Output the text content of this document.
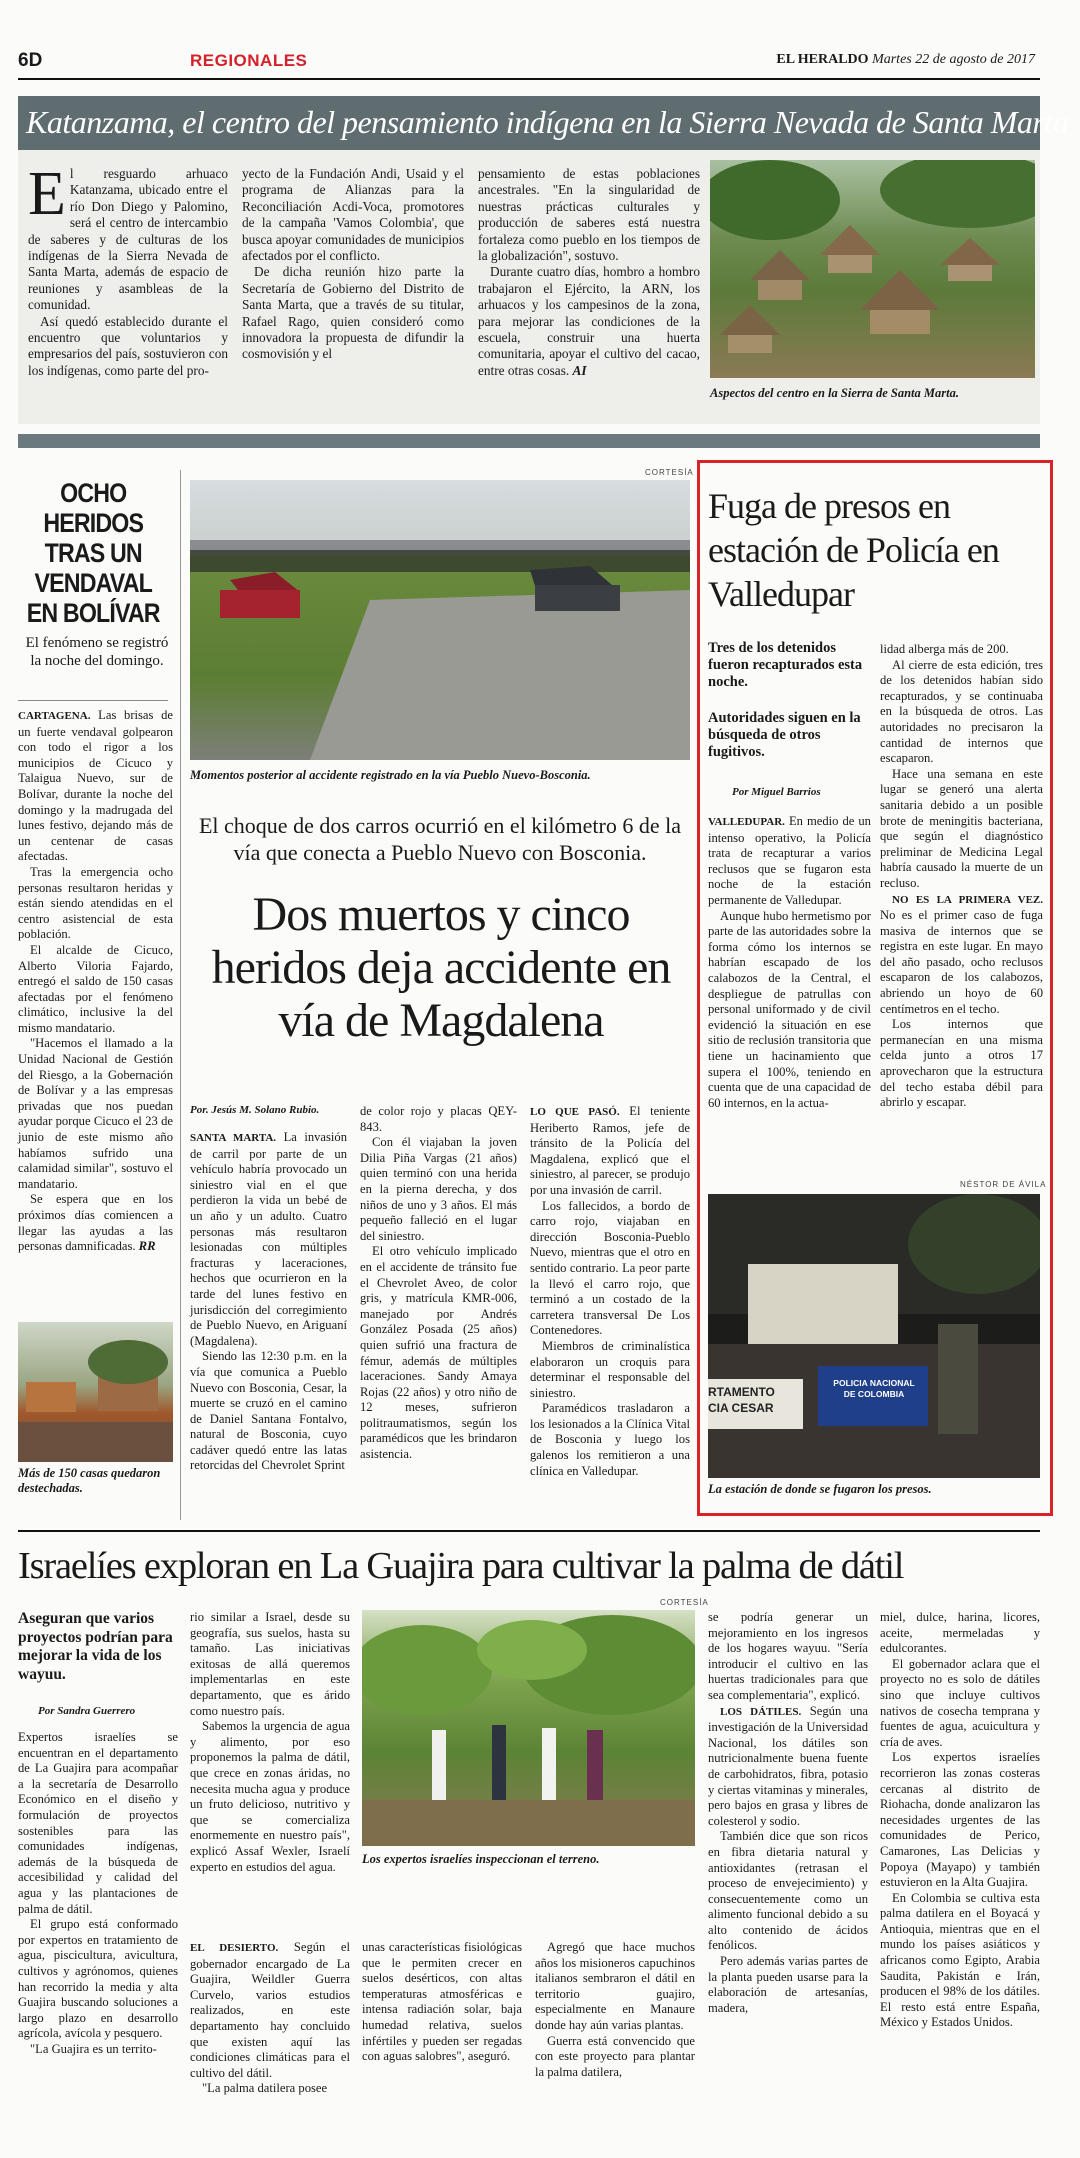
6D	REGIONALES	EL HERALDO Martes 22 de agosto de 2017
Katanzama, el centro del pensamiento indígena en la Sierra Nevada de Santa Marta
E l resguardo arhuaco Katanzama, ubicado entre el río Don Diego y Palomino, será el centro de intercambio de saberes y de culturas de los indígenas de la Sierra Nevada de Santa Marta, además de espacio de reuniones y asambleas de la comunidad.

Así quedó establecido durante el encuentro que voluntarios y empresarios del país, sostuvieron con los indígenas, como parte del pro-

yecto de la Fundación Andi, Usaid y el programa de Alianzas para la Reconciliación Acdi-Voca, promotores de la campaña 'Vamos Colombia', que busca apoyar comunidades de municipios afectados por el conflicto.

De dicha reunión hizo parte la Secretaría de Gobierno del Distrito de Santa Marta, que a través de su titular, Rafael Rago, quien consideró como innovadora la propuesta de difundir la cosmovisión y el

pensamiento de estas poblaciones ancestrales. "En la singularidad de nuestras prácticas culturales y producción de saberes está nuestra fortaleza como pueblo en los tiempos de la globalización", sostuvo.

Durante cuatro días, hombro a hombro trabajaron el Ejército, la ARN, los arhuacos y los campesinos de la zona, para mejorar las condiciones de la escuela, construir una huerta comunitaria, apoyar el cultivo del cacao, entre otras cosas. AI

Aspectos del centro en la Sierra de Santa Marta.
OCHO HERIDOS TRAS UN VENDAVAL EN BOLÍVAR
El fenómeno se registró la noche del domingo.

CARTAGENA. Las brisas de un fuerte vendaval golpearon con todo el rigor a los municipios de Cicuco y Talaigua Nuevo, sur de Bolívar, durante la noche del domingo y la madrugada del lunes festivo, dejando más de un centenar de casas afectadas.

Tras la emergencia ocho personas resultaron heridas y están siendo atendidas en el centro asistencial de esta población.

El alcalde de Cicuco, Alberto Viloria Fajardo, entregó el saldo de 150 casas afectadas por el fenómeno climático, inclusive la del mismo mandatario.

"Hacemos el llamado a la Unidad Nacional de Gestión del Riesgo, a la Gobernación de Bolívar y a las empresas privadas que nos puedan ayudar porque Cicuco el 23 de junio de este mismo año habíamos sufrido una calamidad similar", sostuvo el mandatario.

Se espera que en los próximos días comiencen a llegar las ayudas a las personas damnificadas. RR

Más de 150 casas quedaron destechadas.
CORTESÍA
Momentos posterior al accidente registrado en la vía Pueblo Nuevo-Bosconia.
El choque de dos carros ocurrió en el kilómetro 6 de la vía que conecta a Pueblo Nuevo con Bosconia.
Dos muertos y cinco heridos deja accidente en vía de Magdalena
Por. Jesús M. Solano Rubio.

SANTA MARTA. La invasión de carril por parte de un vehículo habría provocado un siniestro vial en el que perdieron la vida un bebé de un año y un adulto. Cuatro personas más resultaron lesionadas con múltiples fracturas y laceraciones, hechos que ocurrieron en la tarde del lunes festivo en jurisdicción del corregimiento de Pueblo Nuevo, en Ariguaní (Magdalena).

Siendo las 12:30 p.m. en la vía que comunica a Pueblo Nuevo con Bosconia, Cesar, la muerte se cruzó en el camino de Daniel Santana Fontalvo, natural de Bosconia, cuyo cadáver quedó entre las latas retorcidas del Chevrolet Sprint

de color rojo y placas QEY-843.

Con él viajaban la joven Dilia Piña Vargas (21 años) quien terminó con una herida en la pierna derecha, y dos niños de uno y 3 años. El más pequeño falleció en el lugar del siniestro.

El otro vehículo implicado en el accidente de tránsito fue el Chevrolet Aveo, de color gris, y matrícula KMR-006, manejado por Andrés González Posada (25 años) quien sufrió una fractura de fémur, además de múltiples laceraciones. Sandy Amaya Rojas (22 años) y otro niño de 12 meses, sufrieron politraumatismos, según los paramédicos que les brindaron asistencia.

LO QUE PASÓ. El teniente Heriberto Ramos, jefe de tránsito de la Policía del Magdalena, explicó que el siniestro, al parecer, se produjo por una invasión de carril.

Los fallecidos, a bordo de carro rojo, viajaban en dirección Bosconia-Pueblo Nuevo, mientras que el otro en sentido contrario. La peor parte la llevó el carro rojo, que terminó a un costado de la carretera transversal De Los Contenedores.

Miembros de criminalística elaboraron un croquis para determinar el responsable del siniestro.

Paramédicos trasladaron a los lesionados a la Clínica Vital de Bosconia y luego los galenos los remitieron a una clínica en Valledupar.

Fuga de presos en estación de Policía en Valledupar
Tres de los detenidos fueron recapturados esta noche.
Autoridades siguen en la búsqueda de otros fugitivos.
Por Miguel Barrios

VALLEDUPAR. En medio de un intenso operativo, la Policía trata de recapturar a varios reclusos que se fugaron esta noche de la estación permanente de Valledupar.

Aunque hubo hermetismo por parte de las autoridades sobre la forma cómo los internos se habrían escapado de los calabozos de la Central, el despliegue de patrullas con personal uniformado y de civil evidenció la situación en ese sitio de reclusión transitoria que tiene un hacinamiento que supera el 100%, teniendo en cuenta que de una capacidad de 60 internos, en la actua-

lidad alberga más de 200.

Al cierre de esta edición, tres de los detenidos habían sido recapturados, y se continuaba en la búsqueda de otros. Las autoridades no precisaron la cantidad de internos que escaparon.

Hace una semana en este lugar se generó una alerta sanitaria debido a un posible brote de meningitis bacteriana, que según el diagnóstico preliminar de Medicina Legal habría causado la muerte de un recluso.

NO ES LA PRIMERA VEZ. No es el primer caso de fuga masiva de internos que se registra en este lugar. En mayo del año pasado, ocho reclusos escaparon de los calabozos, abriendo un hoyo de 60 centímetros en el techo.

Los internos que permanecían en una misma celda junto a otros 17 aprovecharon que la estructura del techo estaba débil para abrirlo y escapar.

NÉSTOR DE ÁVILA
RTAMENTO
CIA CESAR
POLICIA NACIONAL
DE COLOMBIA
La estación de donde se fugaron los presos.
Israelíes exploran en La Guajira para cultivar la palma de dátil
CORTESÍA
Aseguran que varios proyectos podrían para mejorar la vida de los wayuu.
Por Sandra Guerrero

Expertos israelíes se encuentran en el departamento de La Guajira para acompañar a la secretaría de Desarrollo Económico en el diseño y formulación de proyectos sostenibles para las comunidades indígenas, además de la búsqueda de accesibilidad y calidad del agua y las plantaciones de palma de dátil.

El grupo está conformado por expertos en tratamiento de agua, piscicultura, avicultura, cultivos y agrónomos, quienes han recorrido la media y alta Guajira buscando soluciones a largo plazo en desarrollo agrícola, avícola y pesquero.

"La Guajira es un territo-

rio similar a Israel, desde su geografía, sus suelos, hasta su tamaño. Las iniciativas exitosas de allá queremos implementarlas en este departamento, que es árido como nuestro país.

Sabemos la urgencia de agua y alimento, por eso proponemos la palma de dátil, que crece en zonas áridas, no necesita mucha agua y produce un fruto delicioso, nutritivo y que se comercializa enormemente en nuestro país", explicó Assaf Wexler, Israelí experto en estudios del agua.

Los expertos israelíes inspeccionan el terreno.

EL DESIERTO. Según el gobernador encargado de La Guajira, Weildler Guerra Curvelo, varios estudios realizados, en este departamento hay concluido que existen aquí las condiciones climáticas para el cultivo del dátil.

"La palma datilera posee

unas características fisiológicas que le permiten crecer en suelos desérticos, con altas temperaturas atmosféricas e intensa radiación solar, baja humedad relativa, suelos infértiles y pueden ser regadas con aguas salobres", aseguró.

Agregó que hace muchos años los misioneros capuchinos italianos sembraron el dátil en territorio guajiro, especialmente en Manaure donde hay aún varias plantas.

Guerra está convencido que con este proyecto para plantar la palma datilera,

se podría generar un mejoramiento en los ingresos de los hogares wayuu. "Sería introducir el cultivo en las huertas tradicionales para que sea complementaria", explicó.

LOS DÁTILES. Según una investigación de la Universidad Nacional, los dátiles son nutricionalmente buena fuente de carbohidratos, fibra, potasio y ciertas vitaminas y minerales, pero bajos en grasa y libres de colesterol y sodio.

También dice que son ricos en fibra dietaria natural y antioxidantes (retrasan el proceso de envejecimiento) y consecuentemente como un alimento funcional debido a su alto contenido de ácidos fenólicos.

Pero además varias partes de la planta pueden usarse para la elaboración de artesanías, madera,

miel, dulce, harina, licores, aceite, mermeladas y edulcorantes.

El gobernador aclara que el proyecto no es solo de dátiles sino que incluye cultivos nativos de cosecha temprana y fuentes de agua, acuicultura y cría de aves.

Los expertos israelíes recorrieron las zonas costeras cercanas al distrito de Riohacha, donde analizaron las necesidades urgentes de las comunidades de Perico, Camarones, Las Delicias y Popoya (Mayapo) y también estuvieron en la Alta Guajira.

En Colombia se cultiva esta palma datilera en el Boyacá y Antioquia, mientras que en el mundo los países asiáticos y africanos como Egipto, Arabia Saudita, Pakistán e Irán, producen el 98% de los dátiles. El resto está entre España, México y Estados Unidos.
